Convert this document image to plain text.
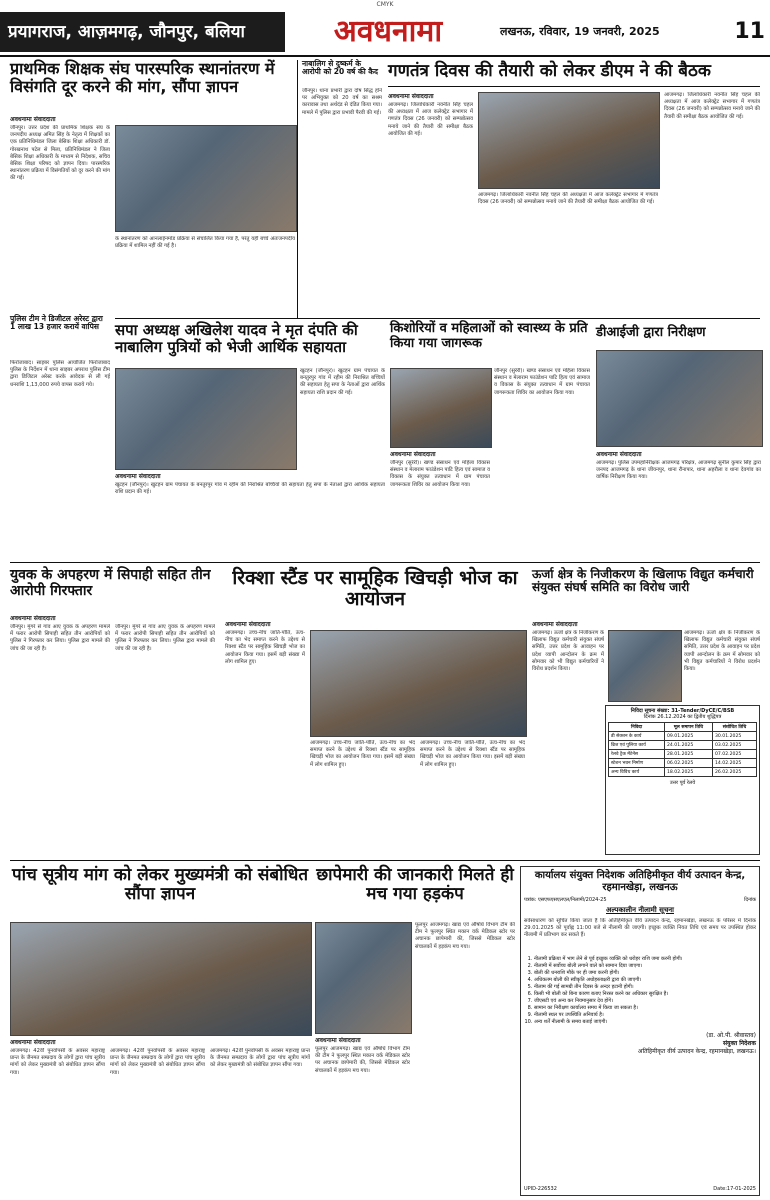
CMYK
प्रयागराज, आज़मगढ़, जौनपुर, बलिया	अवधनामा	लखनऊ, रविवार, 19 जनवरी, 2025	11
प्राथमिक शिक्षक संघ पारस्परिक स्थानांतरण में विसंगति दूर करने की मांग, सौंपा ज्ञापन
अवधनामा संवाददाता
जौनपुर। उत्तर प्रदेश की प्राथमिक शिक्षक संघ के जनपदीय अध्यक्ष अमित सिंह के नेतृत्व में शिक्षकों का एक प्रतिनिधिमंडल जिला बेसिक शिक्षा अधिकारी डॉ. गोरखनाथ पटेल से मिला, प्रतिनिधिमंडल ने जिला बेसिक शिक्षा अधिकारी के माध्यम से निदेशक, सचिव बेसिक शिक्षा परिषद को ज्ञापन दिया। पारस्परिक स्थानांतरण प्रक्रिया में विसंगतियों को दूर करने की मांग की गई।
के स्थानांतरण को आनलाईनमोड प्रक्रिया से संचालित किया गया है, परंतु यही बच्चे अंतःजनपदीय प्रक्रिया में शामिल नहीं की गई है।
नाबालिग से दुष्कर्म के आरोपी को 20 वर्ष की कैद
जौनपुर। थाना प्रभारी द्वारा दोष सिद्ध होने पर अभियुक्त को 20 वर्ष का सश्रम कारावास तथा अर्थदंड से दंडित किया गया। मामले में पुलिस द्वारा प्रभावी पैरवी की गई।
गणतंत्र दिवस की तैयारी को लेकर डीएम ने की बैठक
अवधनामा संवाददाता
आजमगढ़। जिलाधिकारी नवनीत सिंह चहल की अध्यक्षता में आज कलेक्ट्रेट सभागार में गणतंत्र दिवस (26 जनवरी) को सम्पन्नोत्सव मनाये जाने की तैयारी की समीक्षा बैठक आयोजित की गई।
आजमगढ़। जिलाधिकारी नवनीत सिंह चहल की अध्यक्षता में आज कलेक्ट्रेट सभागार में गणतंत्र दिवस (26 जनवरी) को सम्पन्नोत्सव मनाये जाने की तैयारी की समीक्षा बैठक आयोजित की गई।
आजमगढ़। जिलाधिकारी नवनीत सिंह चहल की अध्यक्षता में आज कलेक्ट्रेट सभागार में गणतंत्र दिवस (26 जनवरी) को सम्पन्नोत्सव मनाये जाने की तैयारी की समीक्षा बैठक आयोजित की गई।
पुलिस टीम ने डिजीटल अरेस्ट द्वारा 1 लाख 13 हजार करायें वापिस
फिरोजाबाद। साइबर पुलिस आयोजित फिरोजाबाद पुलिस के निर्देशन में थाना साइबर अपराध पुलिस टीम द्वारा डिजिटल अरेस्ट करके आवेदक से ली गई धनराशि 1,13,000 रुपये वापस कराये गये।
सपा अध्यक्ष अखिलेश यादव ने मृत दंपति की नाबालिग पुत्रियों को भेजी आर्थिक सहायता
खुटहन (जौनपुर)। खुटहन ग्राम पंचायत के बनतुरपुर गांव में रहीम की निराश्रित बच्चियों की सहायता हेतु सपा के नेताओं द्वारा आर्थिक सहायता राशि प्रदान की गई।
अवधनामा संवाददाता
खुटहन (जौनपुर)। खुटहन ग्राम पंचायत के बनतुरपुर गांव में रहीम की निराश्रित बच्चियों की सहायता हेतु सपा के नेताओं द्वारा आर्थिक सहायता राशि प्रदान की गई।
किशोरियों व महिलाओं को स्वास्थ्य के प्रति किया गया जागरूक
जौनपुर (सुरेरी)। खण्ड संसाधन एवं महिला विकास संस्थान व मेलाराम फाउंडेशन पाटि हित्य एवं सामाज व विकास के संयुक्त तत्वाधान में ग्राम पंचायत जागरूकता शिविर का आयोजन किया गया।
अवधनामा संवाददाता
जौनपुर (सुरेरी)। खण्ड संसाधन एवं महिला विकास संस्थान व मेलाराम फाउंडेशन पाटि हित्य एवं सामाज व विकास के संयुक्त तत्वाधान में ग्राम पंचायत जागरूकता शिविर का आयोजन किया गया।
डीआईजी द्वारा निरीक्षण
अवधनामा संवाददाता
आजमगढ़। पुलिस उपमहानिरीक्षक आजमगढ़ परिक्षेत्र, आजमगढ़ सुनील कुमार सिंह द्वारा जनपद आजमगढ़ के थाना जीयनपुर, थाना रौनापार, थाना अहरौला व थाना देवगांव का वार्षिक निरीक्षण किया गया।
युवक के अपहरण में सिपाही सहित तीन आरोपी गिरफ्तार
अवधनामा संवाददाता
जौनपुर। मुंगरे से गांव आए युवक के अपहरण मामले में फरार आरोपी सिपाही सहित तीन आरोपियों को पुलिस ने गिरफ्तार कर लिया। पुलिस द्वारा मामले की जांच की जा रही है।
जौनपुर। मुंगरे से गांव आए युवक के अपहरण मामले में फरार आरोपी सिपाही सहित तीन आरोपियों को पुलिस ने गिरफ्तार कर लिया। पुलिस द्वारा मामले की जांच की जा रही है।
रिक्शा स्टैंड पर सामूहिक खिचड़ी भोज का आयोजन
अवधनामा संवाददाता
आजमगढ़। उच्च-नीच जाति-पाँति, ऊंच-नीच का भेद समाप्त करने के उद्देश्य से रिक्शा स्टैंड पर सामूहिक खिचड़ी भोज का आयोजन किया गया। इसमें बड़ी संख्या में लोग शामिल हुए।
आजमगढ़। उच्च-नीच जाति-पाँति, ऊंच-नीच का भेद समाप्त करने के उद्देश्य से रिक्शा स्टैंड पर सामूहिक खिचड़ी भोज का आयोजन किया गया। इसमें बड़ी संख्या में लोग शामिल हुए।
आजमगढ़। उच्च-नीच जाति-पाँति, ऊंच-नीच का भेद समाप्त करने के उद्देश्य से रिक्शा स्टैंड पर सामूहिक खिचड़ी भोज का आयोजन किया गया। इसमें बड़ी संख्या में लोग शामिल हुए।
ऊर्जा क्षेत्र के निजीकरण के खिलाफ विद्युत कर्मचारी संयुक्त संघर्ष समिति का विरोध जारी
अवधनामा संवाददाता
आजमगढ़। ऊर्जा क्षेत्र के निजीकरण के खिलाफ विद्युत कर्मचारी संयुक्त संघर्ष समिति, उत्तर प्रदेश के आवाहन पर प्रदेश व्यापी आन्दोलन के क्रम में सोमवार को भी विद्युत कर्मचारियों ने विरोध प्रदर्शन किया।
आजमगढ़। ऊर्जा क्षेत्र के निजीकरण के खिलाफ विद्युत कर्मचारी संयुक्त संघर्ष समिति, उत्तर प्रदेश के आवाहन पर प्रदेश व्यापी आन्दोलन के क्रम में सोमवार को भी विद्युत कर्मचारियों ने विरोध प्रदर्शन किया।
निविदा सूचना संख्या: 31-Tender/DyCE/C/BSB
दिनांक 26.12.2024 का द्वितीय शुद्धिपत्र
निविदा	मूल समापन तिथि	संशोधित तिथि
डी सेक्शन के कार्य	09.01.2025	30.01.2025
ब्रिज एवं पुलिया कार्य	24.01.2025	03.02.2025
रेलवे ट्रैक मेंटेनेंस	28.01.2025	07.02.2025
स्टेशन भवन निर्माण	06.02.2025	14.02.2025
अन्य विविध कार्य	18.02.2025	26.02.2025
उत्तर पूर्व रेलवे
पांच सूत्रीय मांग को लेकर मुख्यमंत्री को संबोधित सौंपा ज्ञापन
अवधनामा संवाददाता
आजमगढ़। 42वीं पुनर्वापसी के अवसर महाराष्ट्र प्रान्त के जैनमत सम्प्रदाय के लोगों द्वारा पांच सूत्रीय मांगों को लेकर मुख्यमंत्री को संबोधित ज्ञापन सौंपा गया।
आजमगढ़। 42वीं पुनर्वापसी के अवसर महाराष्ट्र प्रान्त के जैनमत सम्प्रदाय के लोगों द्वारा पांच सूत्रीय मांगों को लेकर मुख्यमंत्री को संबोधित ज्ञापन सौंपा गया।
आजमगढ़। 42वीं पुनर्वापसी के अवसर महाराष्ट्र प्रान्त के जैनमत सम्प्रदाय के लोगों द्वारा पांच सूत्रीय मांगों को लेकर मुख्यमंत्री को संबोधित ज्ञापन सौंपा गया।
छापेमारी की जानकारी मिलते ही मच गया हड़कंप
अवधनामा संवाददाता
फूलपुर आजमगढ़। खाद्य एवं औषधि विभाग टीम की टीम ने फूलपुर स्थित मकान वर्क मेडिकल स्टोर पर अचानक छापेमारी की, जिससे मेडिकल स्टोर संचालकों में हड़कंप मच गया।
फूलपुर आजमगढ़। खाद्य एवं औषधि विभाग टीम की टीम ने फूलपुर स्थित मकान वर्क मेडिकल स्टोर पर अचानक छापेमारी की, जिससे मेडिकल स्टोर संचालकों में हड़कंप मच गया।
कार्यालय संयुक्त निदेशक अतिहिमीकृत वीर्य उत्पादन केन्द्र, रहमानखेड़ा, लखनऊ
पत्रांक: एसएफएसएलएल/निलामी/2024-25	दिनांक
अल्पकालीन नीलामी सूचना
सर्वसाधारण को सूचित किया जाता है कि अतिहिमीकृत वीर्य उत्पादन केन्द्र, रहमानखेड़ा, लखनऊ के परिसर में दिनांक 29.01.2025 को पूर्वाह्न 11:00 बजे से नीलामी की जाएगी। इच्छुक व्यक्ति नियत तिथि एवं समय पर उपस्थित होकर नीलामी में प्रतिभाग कर सकते हैं।
1. नीलामी प्रक्रिया में भाग लेने से पूर्व इच्छुक व्यक्ति को धरोहर राशि जमा करनी होगी।
2. नीलामी में सर्वोच्च बोली लगाने वाले को सामान दिया जाएगा।
3. बोली की धनराशि मौके पर ही जमा करनी होगी।
4. अधिकतम बोली की स्वीकृति अधोहस्ताक्षरी द्वारा की जाएगी।
5. नीलाम की गई सामग्री तीन दिवस के अन्दर हटानी होगी।
6. किसी भी बोली को बिना कारण बताए निरस्त करने का अधिकार सुरक्षित है।
7. जीएसटी एवं अन्य कर नियमानुसार देय होंगे।
8. सामान का निरीक्षण कार्यालय समय में किया जा सकता है।
9. नीलामी स्थल पर उपस्थिति अनिवार्य है।
10. अन्य शर्तें नीलामी के समय बताई जाएंगी।
(डा. ओ.पी. श्रीवास्तव)
संयुक्त निदेशक
अतिहिमीकृत वीर्य उत्पादन केन्द्र, रहमानखेड़ा, लखनऊ।
UPID-226532	Date:17-01-2025
